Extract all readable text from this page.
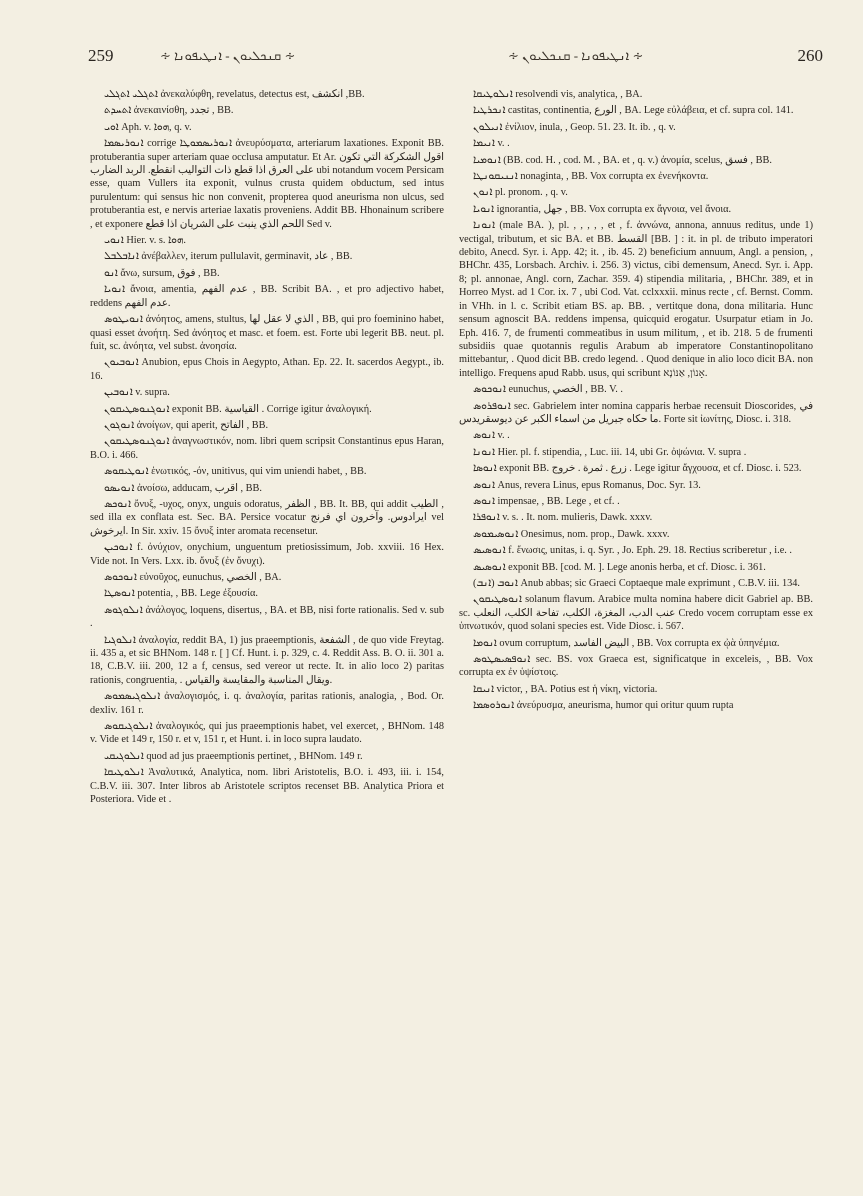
259	∻ ܩܢܟܠܝܘܢ - ܐܢܛܝܦܘܢܐ ∻	∻ ܐܢܛܝܦܘܢܐ - ܩܢܟܠܝܘܢ ∻	260

ܐܬܓܠܝ ܐܬܓܠܝ ἀνεκαλύφθη, revelatus, detectus est, انكشف ,BB.

ܐܬܚܕܬ ἀνεκαινίσθη, تجدد , BB.

ܐܘܝ Aph. v. ܗܘܐ, q. v.

ܐܢܘܪܝܣܡܐ corrige ܐܢܘܪܝܣܡܘܛܐ ἀνευρύσματα, arteriarum laxationes. Exponit BB. protuberantia super arteriam quae occlusa amputatur. Et Ar. اقول الشكركة التي تكون على العرق اذا قطع ذات التواليب انقطع. الربد الضارب ubi notandum vocem Persicam esse, quam Vullers ita exponit, vulnus crusta quidem obductum, sed intus purulentum: qui sensus hic non convenit, propterea quod aneurisma non ulcus, sed protuberantia est, e nervis arteriae laxatis proveniens. Addit BB. Hhonainum scribere , et exponere اللحم الذي ينبت على الشريان اذا قطع Sed v.

ܐܢܘܝ Hier. v. s. ܗܘܐ.

ܐܢܐܒܠܒܠ ἀνέβαλλεν, iterum pullulavit, germinavit, عاد , BB.

ܐܢܘ ἄνω, sursum, فوق , BB.

ܐܢܘܝܐ ἄνοια, amentia, عدم الفهم , BB. Scribit BA. , et pro adjectivo habet, reddens عدم الفهم.

ܐܢܘܝܛܘܣ ἀνόητος, amens, stultus, الذي لا عقل لها , BB, qui pro foeminino habet, quasi esset ἀνοήτη. Sed ἀνόητος et masc. et foem. est. Forte ubi legerit BB. neut. pl. fuit, sc. ἀνόητα, vel subst. ἀνοησία.

ܐܢܘܒܝܘܢ Anubion, epus Chois in Aegypto, Athan. Ep. 22. It. sacerdos Aegypt., ib. 16.

ܐܢܘܒܝܢ v. supra.

ܐܢܘܓܢܘܣܛܝܩܘܢ exponit BB. القياسية . Corrige igitur ἀναλογική.

ܐܢܘܓܘܢ ἀνοίγων, qui aperit, الفاتح , BB.

ܐܢܘܓܢܘܣܛܝܩܘܢ ἀναγνωστικόν, nom. libri quem scripsit Constantinus epus Haran, B.O. i. 466.

ܐܢܘܛܝܩܘܣ ἑνωτικός, -όν, unitivus, qui vim uniendi habet, , BB.

ܐܢܘܝܣܘ ἀνοίσω, adducam, اقرب , BB.

ܐܢܘܟܣ ὄνυξ, -υχος, onyx, unguis odoratus, الظفر , BB. It. BB, qui addit الطيب , sed illa ex conflata est. Sec. BA. Persice vocatur ايرادوس. وآخرون اي فرنج vel ايرخوش. In Sir. xxiv. 15 ὄνυξ inter aromata recensetur.

ܐܢܘܟܝܢ f. ὀνύχιον, onychium, unguentum pretiosissimum, Job. xxviii. 16 Hex. Vide not. In Vers. Lxx. ib. ὄνυξ (ἐν ὄνυχι).

ܐܢܘܟܘܣ εὐνοῦχος, eunuchus, الخصي , BA.

ܐܢܘܣܛܐ potentia, , BB. Lege ἐξουσία.

ܐܢܠܘܓܘܣ ἀνάλογος, loquens, disertus, , BA. et BB, nisi forte rationalis. Sed v. sub .

ܐܢܠܘܓܝܐ ἀναλογία, reddit BA, 1) jus praeemptionis, الشفعة , de quo vide Freytag. ii. 435 a, et sic BHNom. 148 r. [ ] Cf. Hunt. i. p. 329, c. 4. Reddit Ass. B. O. ii. 301 a. 18, C.B.V. iii. 200, 12 a f, census, sed vereor ut recte. It. in alio loco 2) paritas rationis, congruentia, . ويقال المناسبة والمقايسة والقياس.

ܐܢܠܘܓܝܣܡܘܣ ἀναλογισμός, i. q. ἀναλογία, paritas rationis, analogia, , Bod. Or. dexliv. 161 r.

ܐܢܠܘܓܝܩܘܣ ἀναλογικός, qui jus praeemptionis habet, vel exercet, , BHNom. 148 v. Vide et 149 r, 150 r. et v, 151 r, et Hunt. i. in loco supra laudato.

ܐܢܠܘܓܝܩܝ quod ad jus praeemptionis pertinet, , BHNom. 149 r.

ܐܢܠܘܛܝܩܐ Ἀναλυτικά, Analytica, nom. libri Aristotelis, B.O. i. 493, iii. i. 154, C.B.V. iii. 307. Inter libros ab Aristotele scriptos recenset BB. Analytica Priora et Posteriora. Vide et .

ܐܢܠܘܛܝܩܐ resolvendi vis, analytica, , BA.

ܐܢܟܪܛܝܐ castitas, continentia, الورع , BA. Lege εὐλάβεια, et cf. supra col. 141.

ܐܢܝܠܘܢ ἐνίλιον, inula, , Geop. 51. 23. It. ib. , q. v.

ܐܢܝܡܐ v. .

ܐܢܘܡܝܐ (BB. cod. H. , cod. M. , BA. et , q. v.) ἀνομία, scelus, فسق , BB.

ܐܢܢܝܩܘܢܛܐ nonaginta, , BB. Vox corrupta ex ἐνενήκοντα.

ܐܢܘܢ pl. pronom. , q. v.

ܐܢܘܝܐ ignorantia, جهل , BB. Vox corrupta ex ἄγνοια, vel ἄνοια.

ܐܢܘܢܐ (male BA. ), pl. , , , , , et , f. ἀννώνα, annona, annuus reditus, unde 1) vectigal, tributum, et sic BA. et BB. القسط [BB. ] : it. in pl. de tributo imperatori debito, Anecd. Syr. i. App. 42; it. , ib. 45. 2) beneficium annuum, Angl. a pension, , BHChr. 435, Lorsbach. Archiv. i. 256. 3) victus, cibi demensum, Anecd. Syr. i. App. 8; pl. annonae, Angl. corn, Zachar. 359. 4) stipendia militaria, , BHChr. 389, et in Horreo Myst. ad 1 Cor. ix. 7 , ubi Cod. Vat. cclxxxii. minus recte , cf. Bernst. Comm. in VHh. in l. c. Scribit etiam BS. ap. BB. , vertitque dona, dona militaria. Hunc sensum agnoscit BA. reddens impensa, quicquid erogatur. Usurpatur etiam in Jo. Eph. 416. 7, de frumenti commeatibus in usum militum, , et ib. 218. 5 de frumenti subsidiis quae quotannis regulis Arabum ab imperatore Constantinopolitano mittebantur, . Quod dicit BB. credo legend. . Quod denique in alio loco dicit BA. non intelligo. Frequens apud Rabb. usus, qui scribunt אָנוֹן, אַנּוֹנָא.

ܐܢܘܟܘܣ eunuchus, الخصي , BB. V. .

ܐܢܘܦܪܘܣ sec. Gabrielem inter nomina capparis herbae recensuit Dioscorides, في ما حكاه جبريل من اسماء الكبر عن ديوسقريدس. Forte sit ἰωνίτης, Diosc. i. 318.

ܐܢܘܣ v. .

ܐܢܘܢܐ Hier. pl. f. stipendia, , Luc. iii. 14, ubi Gr. ὀψώνια. V. supra .

ܐܢܘܣܐ exponit BB. زرع . ثمرة . خروج . Lege igitur ἄγχουσα, et cf. Diosc. i. 523.

ܐܢܘܣ Anus, revera Linus, epus Romanus, Doc. Syr. 13.

ܐܢܘܣ impensae, , BB. Lege , et cf. .

ܐܢܘܦܪܐ v. s. . It. nom. mulieris, Dawk. xxxv.

ܐܢܘܣܝܡܘܣ Onesimus, nom. prop., Dawk. xxxv.

ܐܢܘܣܝܣ f. ἕνωσις, unitas, i. q. Syr. , Jo. Eph. 29. 18. Rectius scriberetur , i.e. .

ܐܢܘܣܝܣ exponit BB. [cod. M. ]. Lege anonis herba, et cf. Diosc. i. 361.

ܐܢܘܒ (ܐܢܒ) Anub abbas; sic Graeci Coptaeque male exprimunt , C.B.V. iii. 134.

ܐܢܘܣܛܝܩܘܢ solanum flavum. Arabice multa nomina habere dicit Gabriel ap. BB. sc. عنب الدب، المغزة، الكلب، تفاحة الكلب، النعلب Credo vocem corruptam esse ex ὑπνωτικόν, quod solani species est. Vide Diosc. i. 567.

ܐܢܘܡܐ ovum corruptum, البيض الفاسد , BB. Vox corrupta ex ᾠὰ ὑπηνέμια.

ܐܢܘܦܣܝܣܛܘܣ sec. BS. vox Graeca est, significatque in exceleis, , BB. Vox corrupta ex ἐν ὑψίστοις.

ܐܢܝܩܐ victor, , BA. Potius est ἡ νίκη, victoria.

ܐܢܘܪܘܣܡܐ ἀνεύρυσμα, aneurisma, humor qui oritur quum rupta
